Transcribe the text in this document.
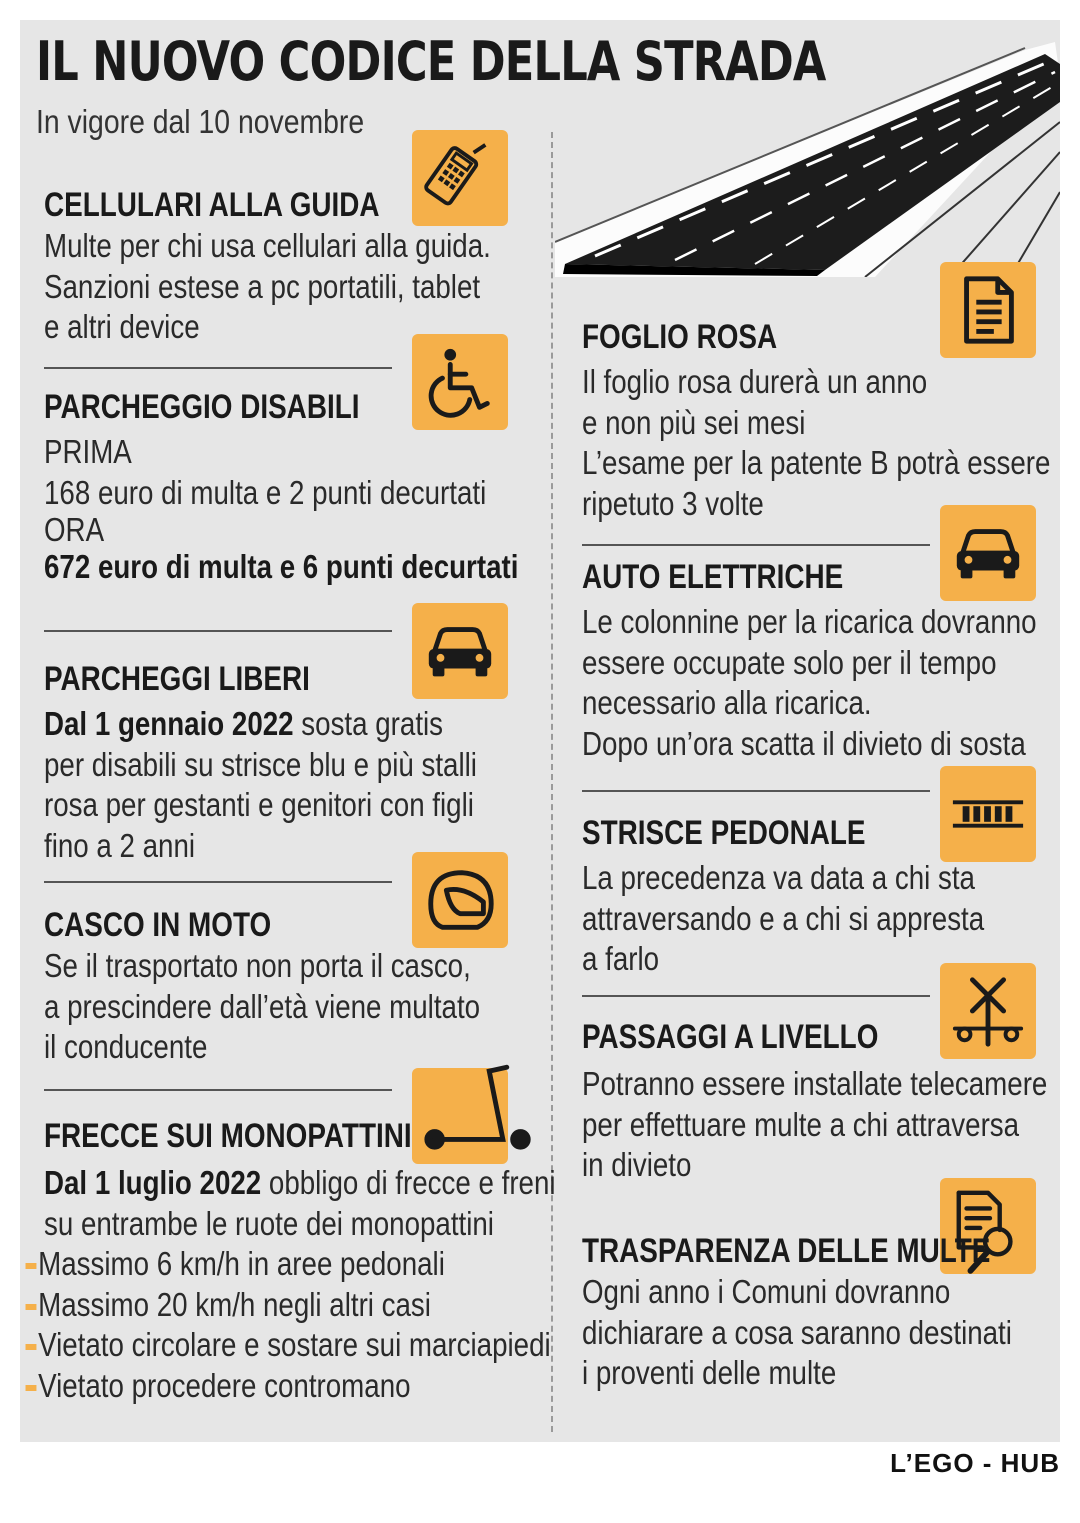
IL NUOVO CODICE DELLA STRADA
In vigore dal 10 novembre
CELLULARI ALLA GUIDA
Multe per chi usa cellulari alla guida.
Sanzioni estese a pc portatili, tablet
e altri device
PARCHEGGIO DISABILI
PRIMA
168 euro di multa e 2 punti decurtati
ORA
672 euro di multa e 6 punti decurtati
PARCHEGGI LIBERI
Dal 1 gennaio 2022 sosta gratis
per disabili su strisce blu e più stalli
rosa per gestanti e genitori con figli
fino a 2 anni
CASCO IN MOTO
Se il trasportato non porta il casco,
a prescindere dall’età viene multato
il conducente
FRECCE SUI MONOPATTINI
Dal 1 luglio 2022 obbligo di frecce e freni
su entrambe le ruote dei monopattini
Massimo 6 km/h in aree pedonali
Massimo 20 km/h negli altri casi
Vietato circolare e sostare sui marciapiedi
Vietato procedere contromano
FOGLIO ROSA
Il foglio rosa durerà un anno
e non più sei mesi
L’esame per la patente B potrà essere
ripetuto 3 volte
AUTO ELETTRICHE
Le colonnine per la ricarica dovranno
essere occupate solo per il tempo
necessario alla ricarica.
Dopo un’ora scatta il divieto di sosta
STRISCE PEDONALE
La precedenza va data a chi sta
attraversando e a chi si appresta
a farlo
PASSAGGI A LIVELLO
Potranno essere installate telecamere
per effettuare multe a chi attraversa
in divieto
TRASPARENZA DELLE MULTE
Ogni anno i Comuni dovranno
dichiarare a cosa saranno destinati
i proventi delle multe
L’EGO - HUB
